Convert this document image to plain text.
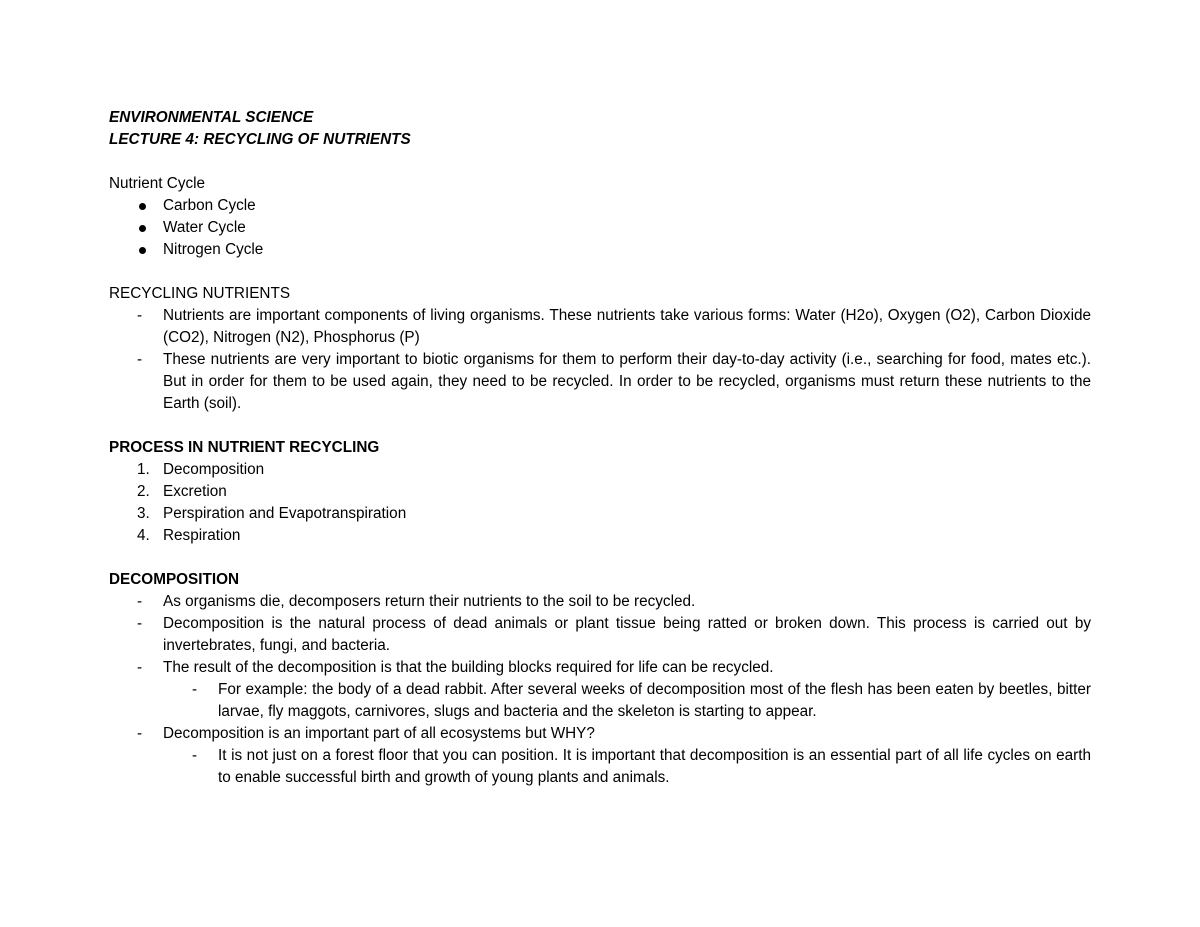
ENVIRONMENTAL SCIENCE

LECTURE 4: RECYCLING OF NUTRIENTS

Nutrient Cycle

Carbon Cycle
Water Cycle
Nitrogen Cycle

RECYCLING NUTRIENTS

- Nutrients are important components of living organisms. These nutrients take various forms: Water (H2o), Oxygen (O2), Carbon Dioxide (CO2), Nitrogen (N2), Phosphorus (P)
- These nutrients are very important to biotic organisms for them to perform their day-to-day activity (i.e., searching for food, mates etc.). But in order for them to be used again, they need to be recycled. In order to be recycled, organisms must return these nutrients to the Earth (soil).

PROCESS IN NUTRIENT RECYCLING

1. Decomposition
2. Excretion
3. Perspiration and Evapotranspiration
4. Respiration

DECOMPOSITION

- As organisms die, decomposers return their nutrients to the soil to be recycled.
- Decomposition is the natural process of dead animals or plant tissue being ratted or broken down. This process is carried out by invertebrates, fungi, and bacteria.
- The result of the decomposition is that the building blocks required for life can be recycled.
- For example: the body of a dead rabbit. After several weeks of decomposition most of the flesh has been eaten by beetles, bitter larvae, fly maggots, carnivores, slugs and bacteria and the skeleton is starting to appear.
- Decomposition is an important part of all ecosystems but WHY?
- It is not just on a forest floor that you can position. It is important that decomposition is an essential part of all life cycles on earth to enable successful birth and growth of young plants and animals.
